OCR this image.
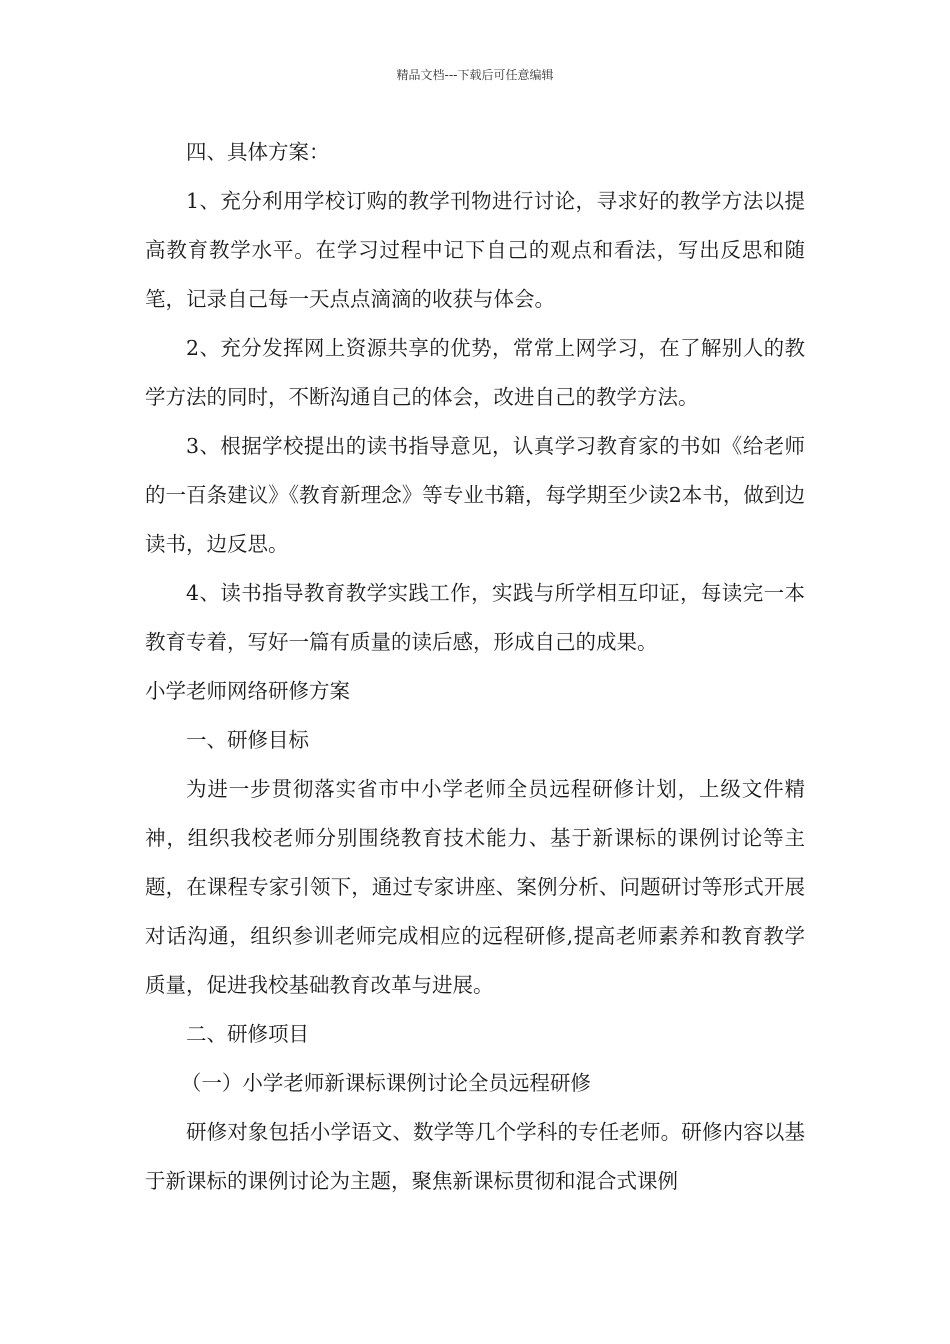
精品文档---下载后可任意编辑

四、具体方案：

1、充分利用学校订购的教学刊物进行讨论，寻求好的教学方法以提高教育教学水平。在学习过程中记下自己的观点和看法，写出反思和随笔，记录自己每一天点点滴滴的收获与体会。

2、充分发挥网上资源共享的优势，常常上网学习，在了解别人的教学方法的同时，不断沟通自己的体会，改进自己的教学方法。

3、根据学校提出的读书指导意见，认真学习教育家的书如《给老师的一百条建议》《教育新理念》等专业书籍，每学期至少读2本书，做到边读书，边反思。

4、读书指导教育教学实践工作，实践与所学相互印证，每读完一本教育专着，写好一篇有质量的读后感，形成自己的成果。

小学老师网络研修方案

一、研修目标

为进一步贯彻落实省市中小学老师全员远程研修计划，上级文件精神，组织我校老师分别围绕教育技术能力、基于新课标的课例讨论等主题，在课程专家引领下，通过专家讲座、案例分析、问题研讨等形式开展对话沟通，组织参训老师完成相应的远程研修,提高老师素养和教育教学质量，促进我校基础教育改革与进展。

二、研修项目

（一）小学老师新课标课例讨论全员远程研修

研修对象包括小学语文、数学等几个学科的专任老师。研修内容以基于新课标的课例讨论为主题，聚焦新课标贯彻和混合式课例
